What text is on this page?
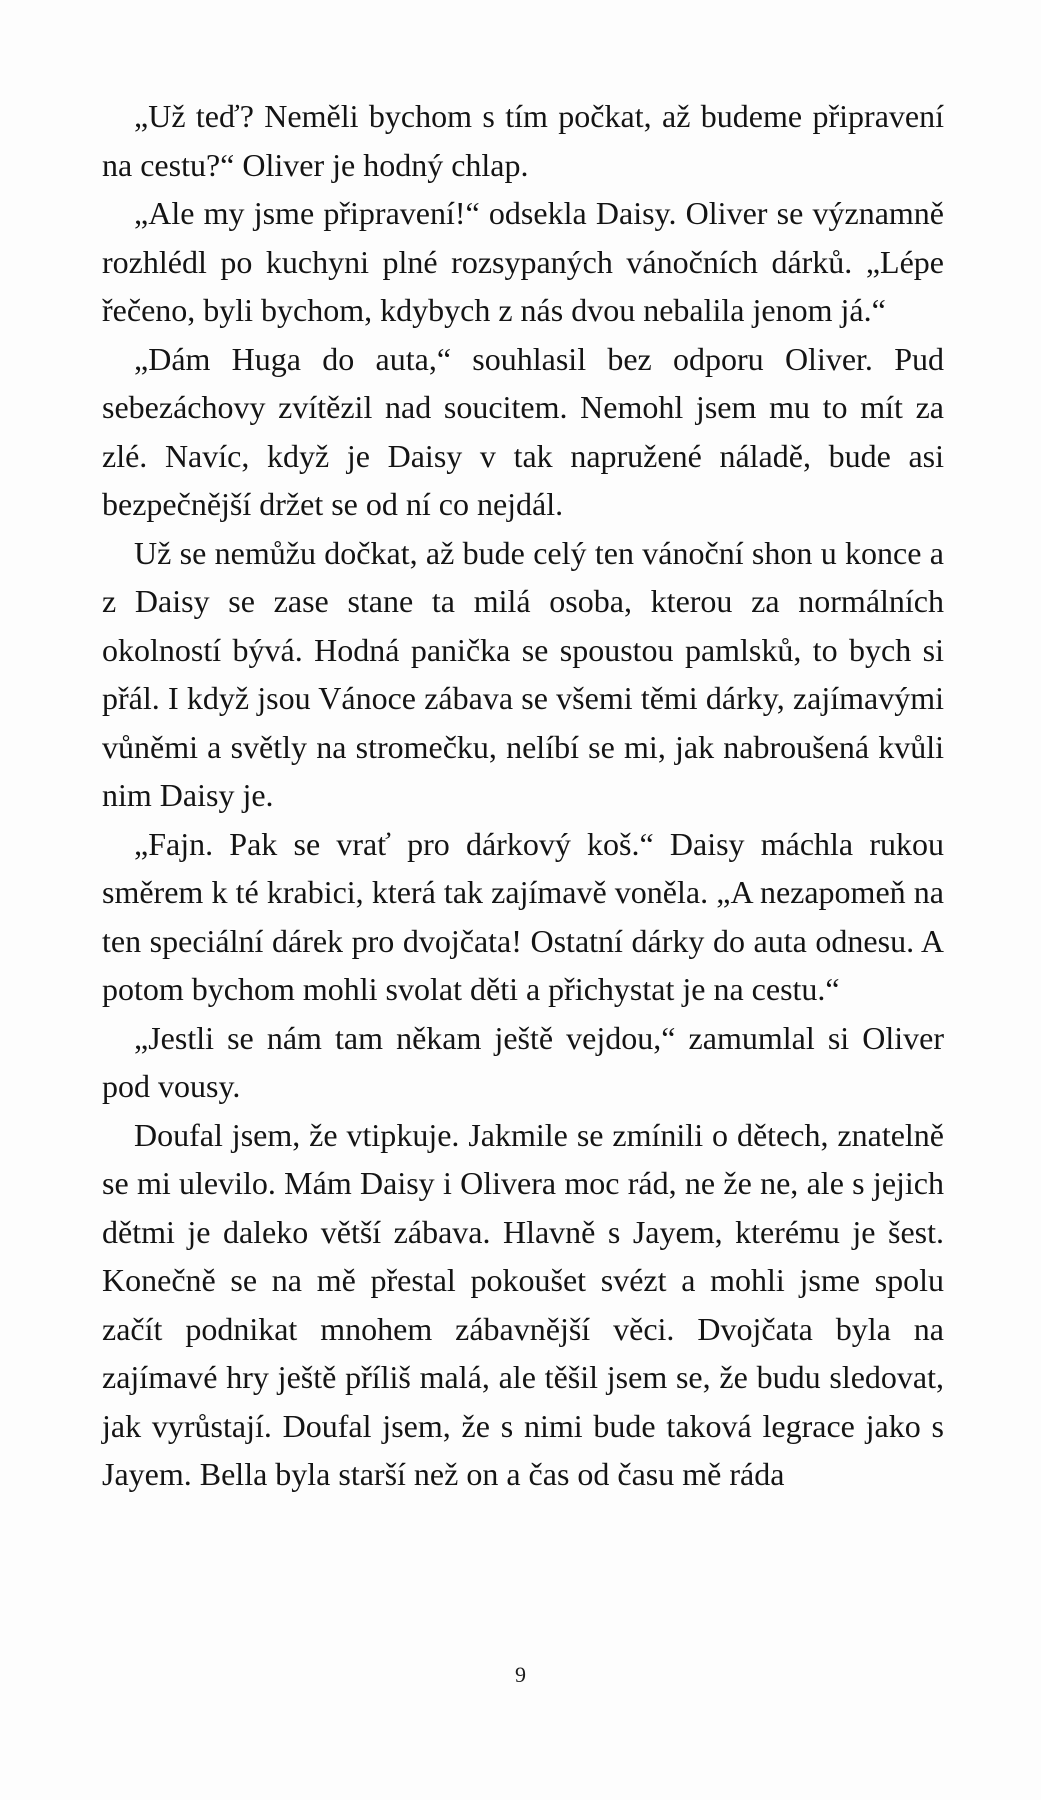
„Už teď? Neměli bychom s tím počkat, až budeme připravení na cestu?“ Oliver je hodný chlap.

„Ale my jsme připravení!“ odsekla Daisy. Oliver se významně rozhlédl po kuchyni plné rozsypaných vánočních dárků. „Lépe řečeno, byli bychom, kdybych z nás dvou nebalila jenom já.“

„Dám Huga do auta,“ souhlasil bez odporu Oliver. Pud sebezáchovy zvítězil nad soucitem. Nemohl jsem mu to mít za zlé. Navíc, když je Daisy v tak napružené náladě, bude asi bezpečnější držet se od ní co nejdál.

Už se nemůžu dočkat, až bude celý ten vánoční shon u konce a z Daisy se zase stane ta milá osoba, kterou za normálních okolností bývá. Hodná panička se spoustou pamlsků, to bych si přál. I když jsou Vánoce zábava se všemi těmi dárky, zajímavými vůněmi a světly na stromečku, nelíbí se mi, jak nabroušená kvůli nim Daisy je.

„Fajn. Pak se vrať pro dárkový koš.“ Daisy máchla rukou směrem k té krabici, která tak zajímavě voněla. „A nezapomeň na ten speciální dárek pro dvojčata! Ostatní dárky do auta odnesu. A potom bychom mohli svolat děti a přichystat je na cestu.“

„Jestli se nám tam někam ještě vejdou,“ zamumlal si Oliver pod vousy.

Doufal jsem, že vtipkuje. Jakmile se zmínili o dětech, znatelně se mi ulevilo. Mám Daisy i Olivera moc rád, ne že ne, ale s jejich dětmi je daleko větší zábava. Hlavně s Jayem, kterému je šest. Konečně se na mě přestal pokoušet svézt a mohli jsme spolu začít podnikat mnohem zábavnější věci. Dvojčata byla na zajímavé hry ještě příliš malá, ale těšil jsem se, že budu sledovat, jak vyrůstají. Doufal jsem, že s nimi bude taková legrace jako s Jayem. Bella byla starší než on a čas od času mě ráda

9
